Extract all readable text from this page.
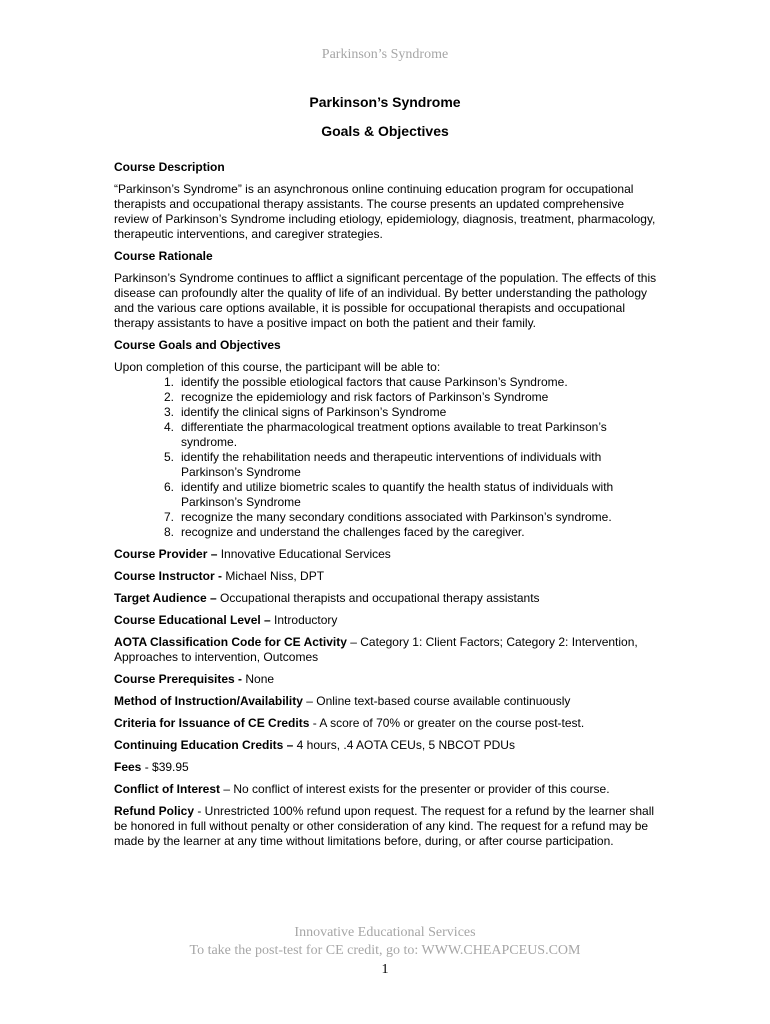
Parkinson’s Syndrome
Parkinson’s Syndrome
Goals & Objectives
Course Description
“Parkinson’s Syndrome” is an asynchronous online continuing education program for occupational therapists and occupational therapy assistants. The course presents an updated comprehensive review of Parkinson’s Syndrome including etiology, epidemiology, diagnosis, treatment, pharmacology, therapeutic interventions, and caregiver strategies.
Course Rationale
Parkinson’s Syndrome continues to afflict a significant percentage of the population. The effects of this disease can profoundly alter the quality of life of an individual. By better understanding the pathology and the various care options available, it is possible for occupational therapists and occupational therapy assistants to have a positive impact on both the patient and their family.
Course Goals and Objectives
Upon completion of this course, the participant will be able to:
1. identify the possible etiological factors that cause Parkinson’s Syndrome.
2. recognize the epidemiology and risk factors of Parkinson’s Syndrome
3. identify the clinical signs of Parkinson’s Syndrome
4. differentiate the pharmacological treatment options available to treat Parkinson’s syndrome.
5. identify the rehabilitation needs and therapeutic interventions of individuals with Parkinson’s Syndrome
6. identify and utilize biometric scales to quantify the health status of individuals with Parkinson’s Syndrome
7. recognize the many secondary conditions associated with Parkinson’s syndrome.
8. recognize and understand the challenges faced by the caregiver.
Course Provider – Innovative Educational Services
Course Instructor - Michael Niss, DPT
Target Audience – Occupational therapists and occupational therapy assistants
Course Educational Level – Introductory
AOTA Classification Code for CE Activity – Category 1: Client Factors; Category 2: Intervention, Approaches to intervention, Outcomes
Course Prerequisites - None
Method of Instruction/Availability – Online text-based course available continuously
Criteria for Issuance of CE Credits - A score of 70% or greater on the course post-test.
Continuing Education Credits – 4 hours, .4 AOTA CEUs, 5 NBCOT PDUs
Fees - $39.95
Conflict of Interest – No conflict of interest exists for the presenter or provider of this course.
Refund Policy - Unrestricted 100% refund upon request. The request for a refund by the learner shall be honored in full without penalty or other consideration of any kind. The request for a refund may be made by the learner at any time without limitations before, during, or after course participation.
Innovative Educational Services
To take the post-test for CE credit, go to: WWW.CHEAPCEUS.COM
1
